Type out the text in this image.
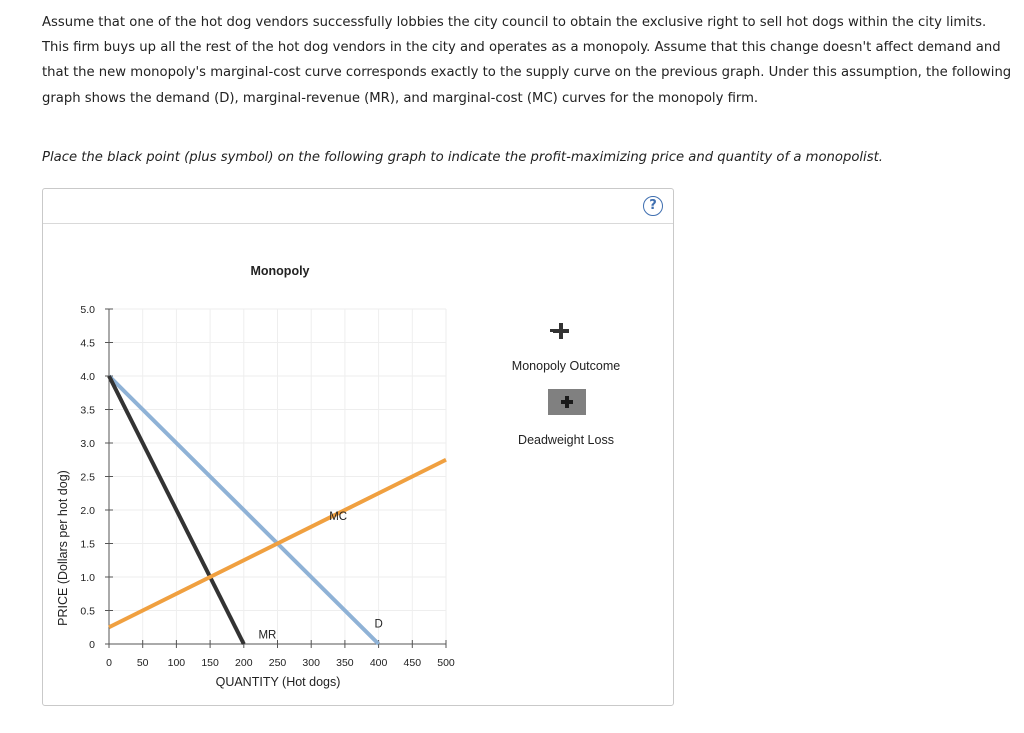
Assume that one of the hot dog vendors successfully lobbies the city council to obtain the exclusive right to sell hot dogs within the city limits. This firm buys up all the rest of the hot dog vendors in the city and operates as a monopoly. Assume that this change doesn't affect demand and that the new monopoly's marginal-cost curve corresponds exactly to the supply curve on the previous graph. Under this assumption, the following graph shows the demand (D), marginal-revenue (MR), and marginal-cost (MC) curves for the monopoly firm.
Place the black point (plus symbol) on the following graph to indicate the profit-maximizing price and quantity of a monopolist.
?
Monopoly
0 50 100 150 200 250 300 350 400 450 500
0
0.5
1.0
1.5
2.0
2.5
3.0
3.5
4.0
4.5
5.0
D
MR
MC
QUANTITY (Hot dogs)
PRICE (Dollars per hot dog)
Monopoly Outcome
Deadweight Loss
